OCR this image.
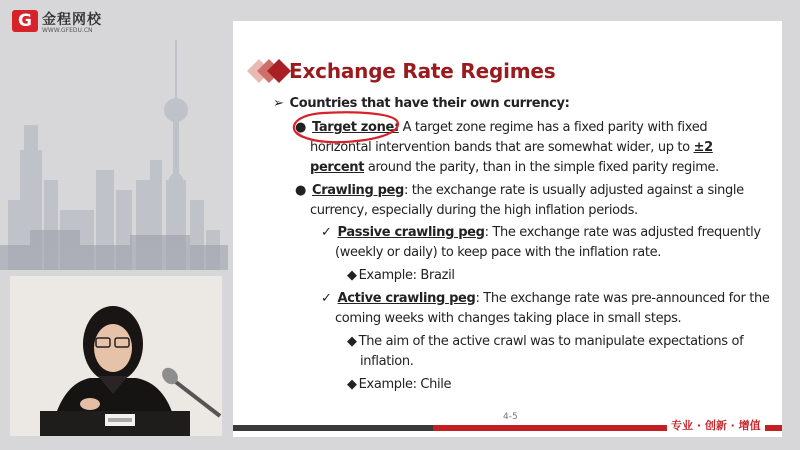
G 金程网校
WWW.GFEDU.CN
Exchange Rate Regimes
➢ Countries that have their own currency:
● Target zone: A target zone regime has a fixed parity with fixed
horizontal intervention bands that are somewhat wider, up to ±2
percent around the parity, than in the simple fixed parity regime.
● Crawling peg: the exchange rate is usually adjusted against a single
currency, especially during the high inflation periods.
✓ Passive crawling peg: The exchange rate was adjusted frequently
(weekly or daily) to keep pace with the inflation rate.
◆ Example: Brazil
✓ Active crawling peg: The exchange rate was pre-announced for the
coming weeks with changes taking place in small steps.
◆ The aim of the active crawl was to manipulate expectations of
inflation.
◆ Example: Chile
4-5
专业 · 创新 · 增值
